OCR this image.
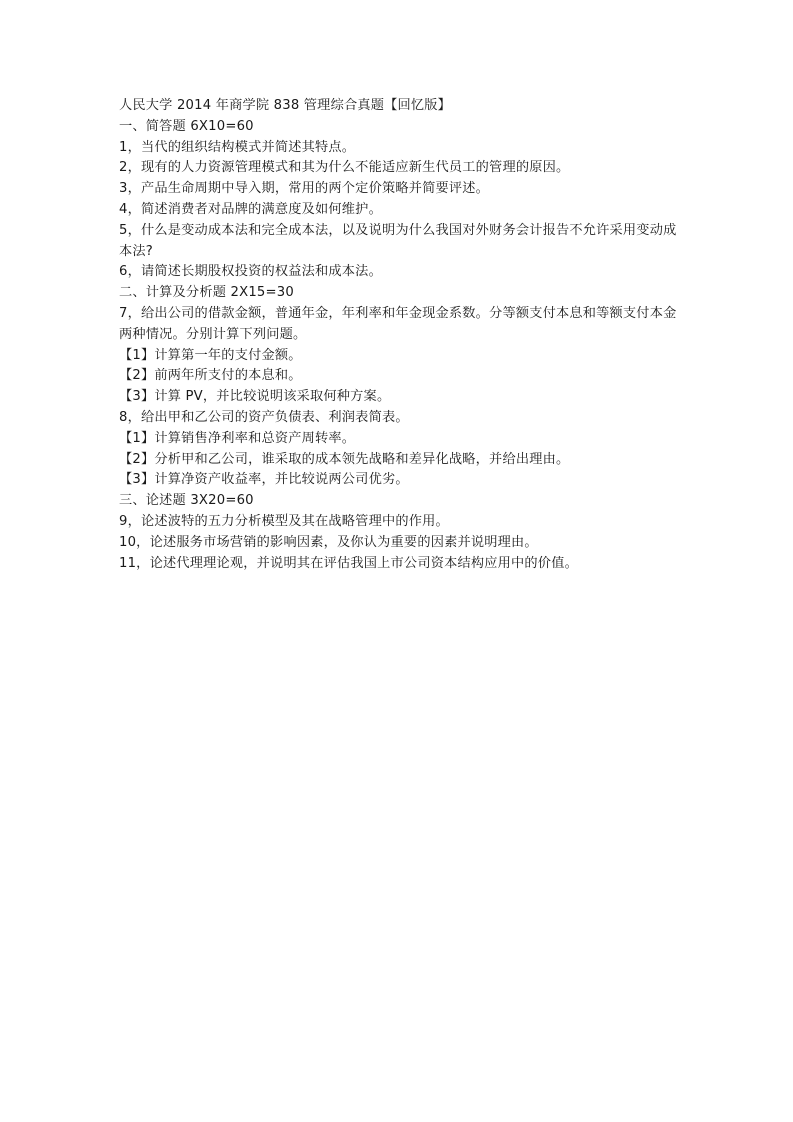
人民大学 2014 年商学院 838 管理综合真题【回忆版】
一、简答题 6X10=60
1，当代的组织结构模式并简述其特点。
2，现有的人力资源管理模式和其为什么不能适应新生代员工的管理的原因。
3，产品生命周期中导入期，常用的两个定价策略并简要评述。
4，简述消费者对品牌的满意度及如何维护。
5，什么是变动成本法和完全成本法，以及说明为什么我国对外财务会计报告不允许采用变动成本法?
6，请简述长期股权投资的权益法和成本法。
二、计算及分析题 2X15=30
7，给出公司的借款金额，普通年金，年利率和年金现金系数。分等额支付本息和等额支付本金两种情况。分别计算下列问题。
【1】计算第一年的支付金额。
【2】前两年所支付的本息和。
【3】计算 PV，并比较说明该采取何种方案。
8，给出甲和乙公司的资产负债表、利润表简表。
【1】计算销售净利率和总资产周转率。
【2】分析甲和乙公司，谁采取的成本领先战略和差异化战略，并给出理由。
【3】计算净资产收益率，并比较说两公司优劣。
三、论述题 3X20=60
9，论述波特的五力分析模型及其在战略管理中的作用。
10，论述服务市场营销的影响因素，及你认为重要的因素并说明理由。
11，论述代理理论观，并说明其在评估我国上市公司资本结构应用中的价值。
